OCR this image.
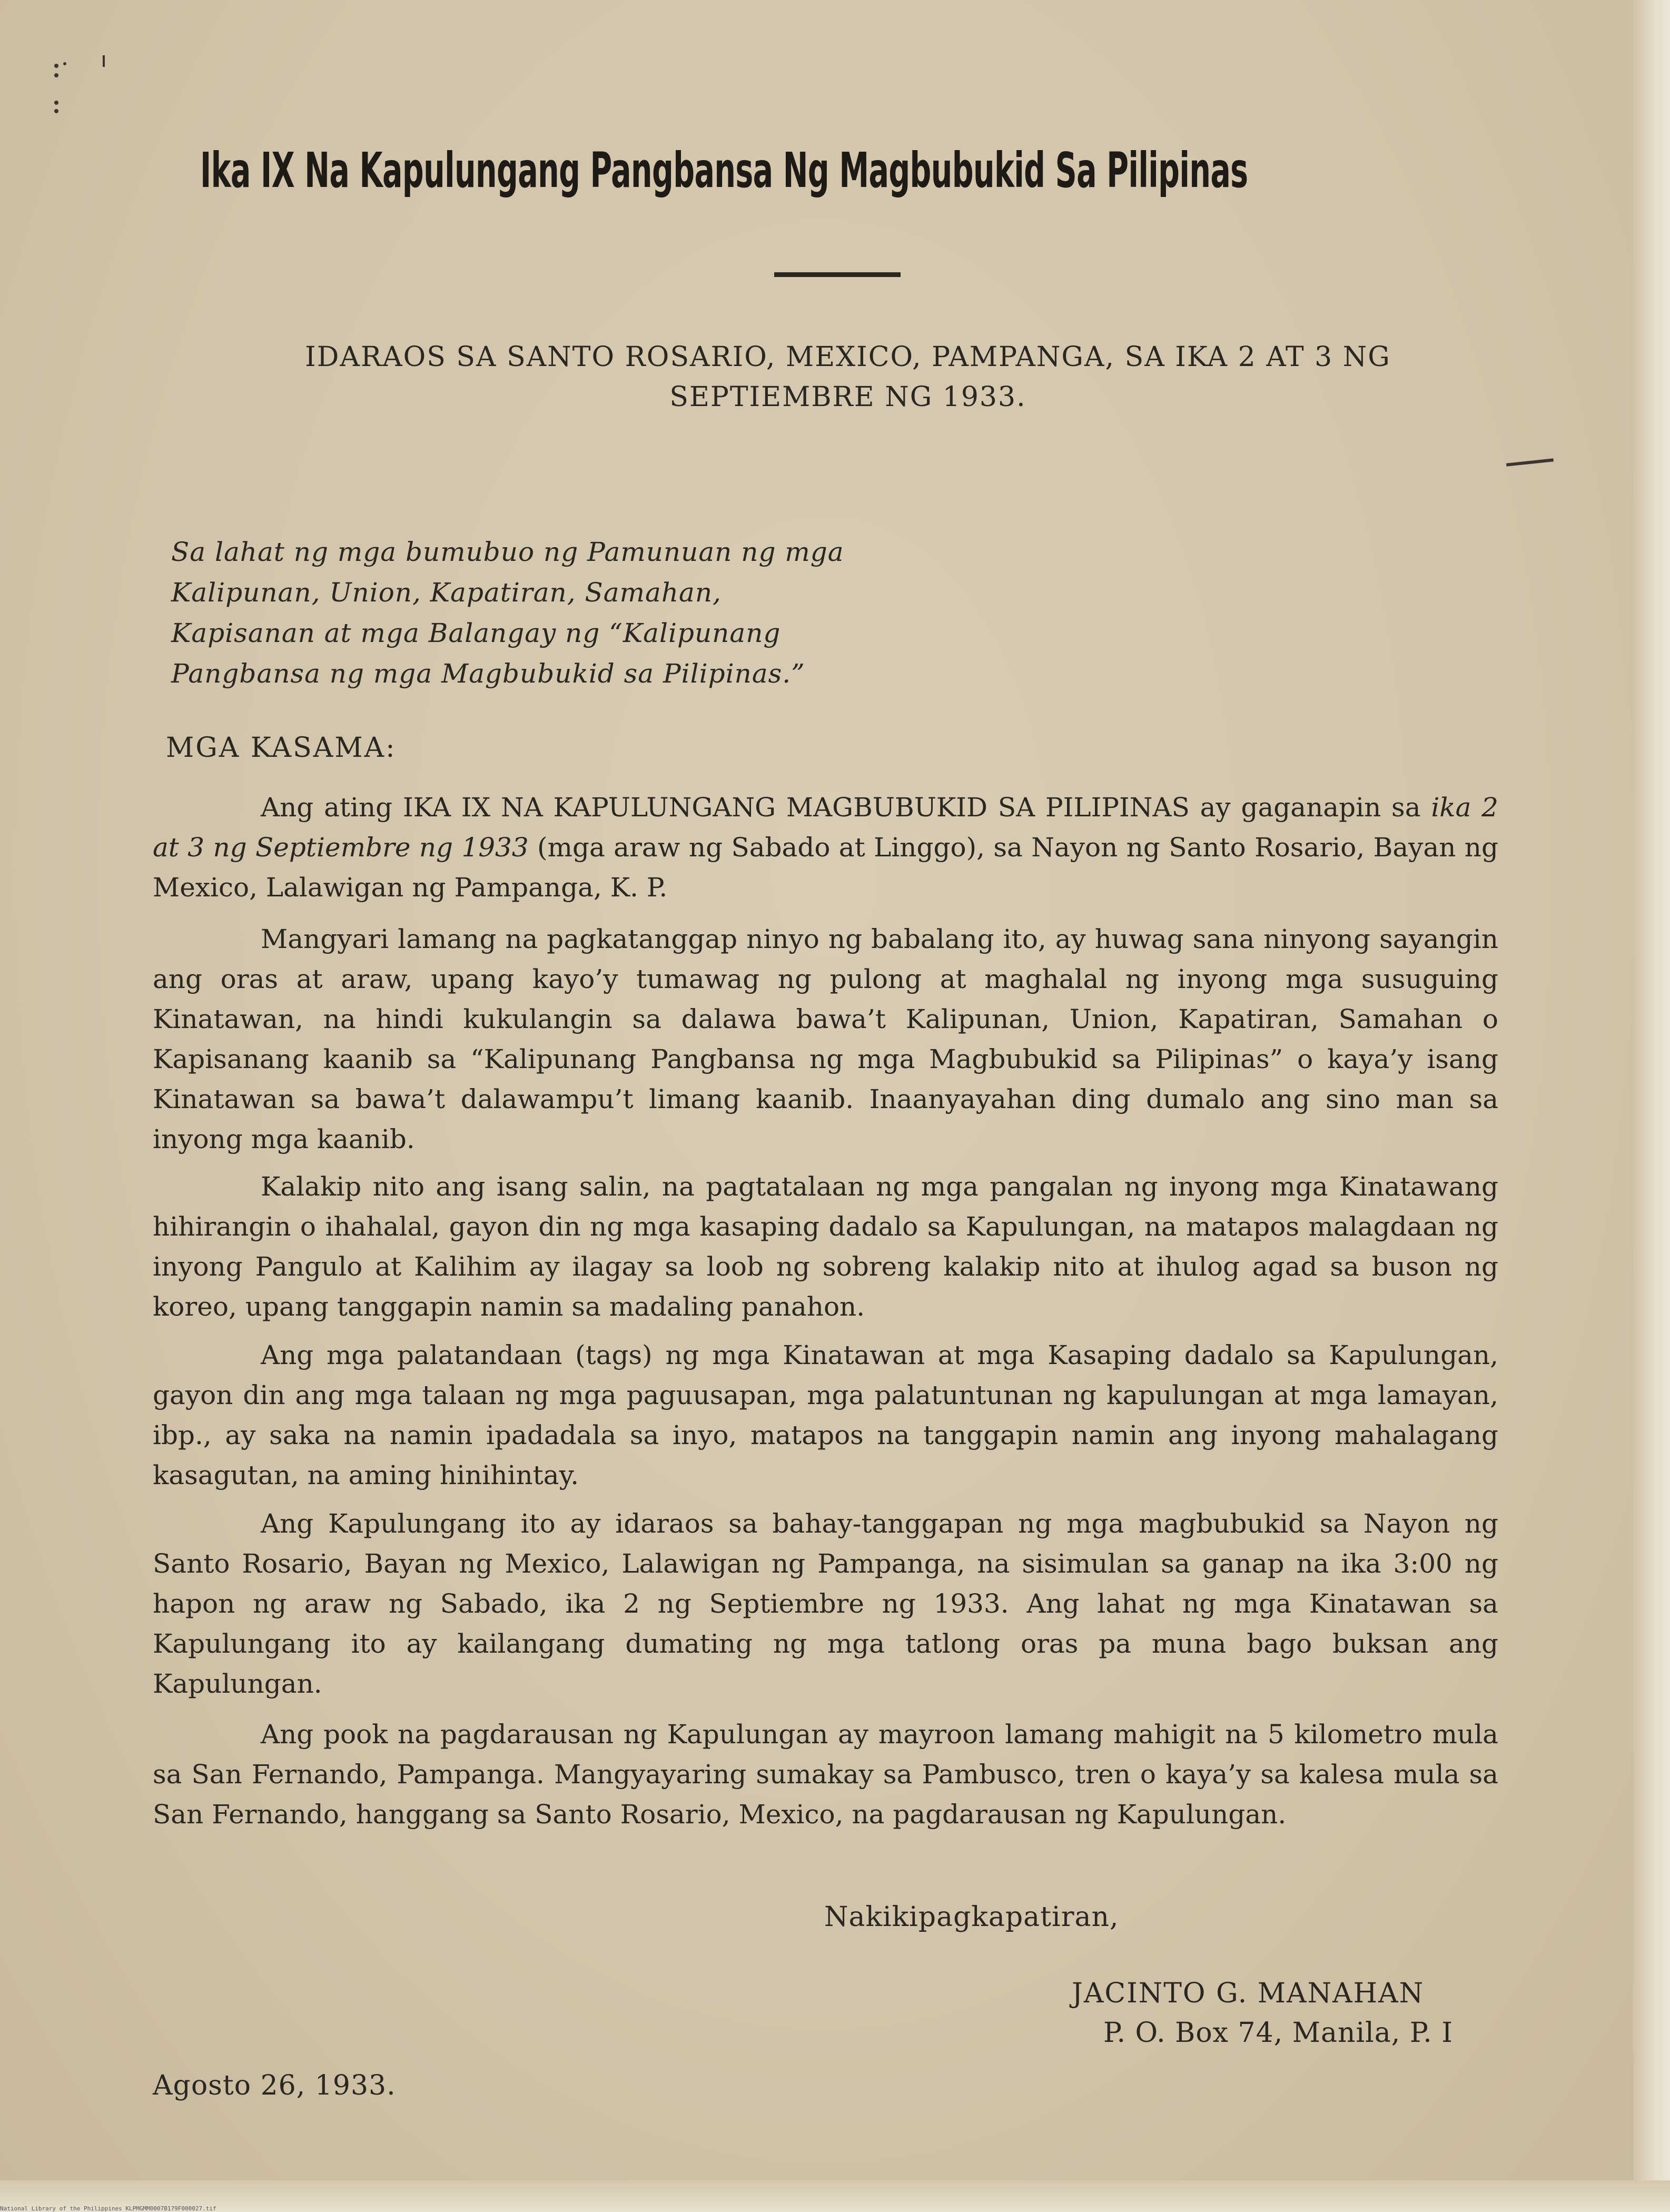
Ika IX Na Kapulungang Pangbansa Ng Magbubukid Sa Pilipinas
IDARAOS SA SANTO ROSARIO, MEXICO, PAMPANGA, SA IKA 2 AT 3 NG
SEPTIEMBRE NG 1933.
Sa lahat ng mga bumubuo ng Pamunuan ng mga Kalipunan, Union, Kapatiran, Samahan, Kapisanan at mga Balangay ng “Kalipunang Pangbansa ng mga Magbubukid sa Pilipinas.”
MGA KASAMA:

Ang ating IKA IX NA KAPULUNGANG MAGBUBUKID SA PILIPINAS ay gaganapin sa ika 2 at 3 ng Septiembre ng 1933 (mga araw ng Sabado at Linggo), sa Nayon ng Santo Rosario, Bayan ng Mexico, Lalawigan ng Pampanga, K. P.

Mangyari lamang na pagkatanggap ninyo ng babalang ito, ay huwag sana ninyong sayangin ang oras at araw, upang kayo’y tumawag ng pulong at maghalal ng inyong mga susuguing Kinatawan, na hindi kukulangin sa dalawa bawa’t Kalipunan, Union, Kapatiran, Samahan o Kapisanang kaanib sa “Kalipunang Pangbansa ng mga Magbubukid sa Pilipinas” o kaya’y isang Kinatawan sa bawa’t dalawampu’t limang kaanib. Inaanyayahan ding dumalo ang sino man sa inyong mga kaanib.

Kalakip nito ang isang salin, na pagtatalaan ng mga pangalan ng inyong mga Kinatawang hihirangin o ihahalal, gayon din ng mga kasaping dadalo sa Kapulungan, na matapos malagdaan ng inyong Pangulo at Kalihim ay ilagay sa loob ng sobreng kalakip nito at ihulog agad sa buson ng koreo, upang tanggapin namin sa madaling panahon.

Ang mga palatandaan (tags) ng mga Kinatawan at mga Kasaping dadalo sa Kapulungan, gayon din ang mga talaan ng mga paguusapan, mga palatuntunan ng kapulungan at mga lamayan, ibp., ay saka na namin ipadadala sa inyo, matapos na tanggapin namin ang inyong mahalagang kasagutan, na aming hinihintay.

Ang Kapulungang ito ay idaraos sa bahay-tanggapan ng mga magbubukid sa Nayon ng Santo Rosario, Bayan ng Mexico, Lalawigan ng Pampanga, na sisimulan sa ganap na ika 3:00 ng hapon ng araw ng Sabado, ika 2 ng Septiembre ng 1933. Ang lahat ng mga Kinatawan sa Kapulungang ito ay kailangang dumating ng mga tatlong oras pa muna bago buksan ang Kapulungan.

Ang pook na pagdarausan ng Kapulungan ay mayroon lamang mahigit na 5 kilometro mula sa San Fernando, Pampanga. Mangyayaring sumakay sa Pambusco, tren o kaya’y sa kalesa mula sa San Fernando, hanggang sa Santo Rosario, Mexico, na pagdarausan ng Kapulungan.

Nakikipagkapatiran,
JACINTO G. MANAHAN
P. O. Box 74, Manila, P. I
Agosto 26, 1933.
National Library of the Philippines KLPMGMM0007B179F000027.tif
